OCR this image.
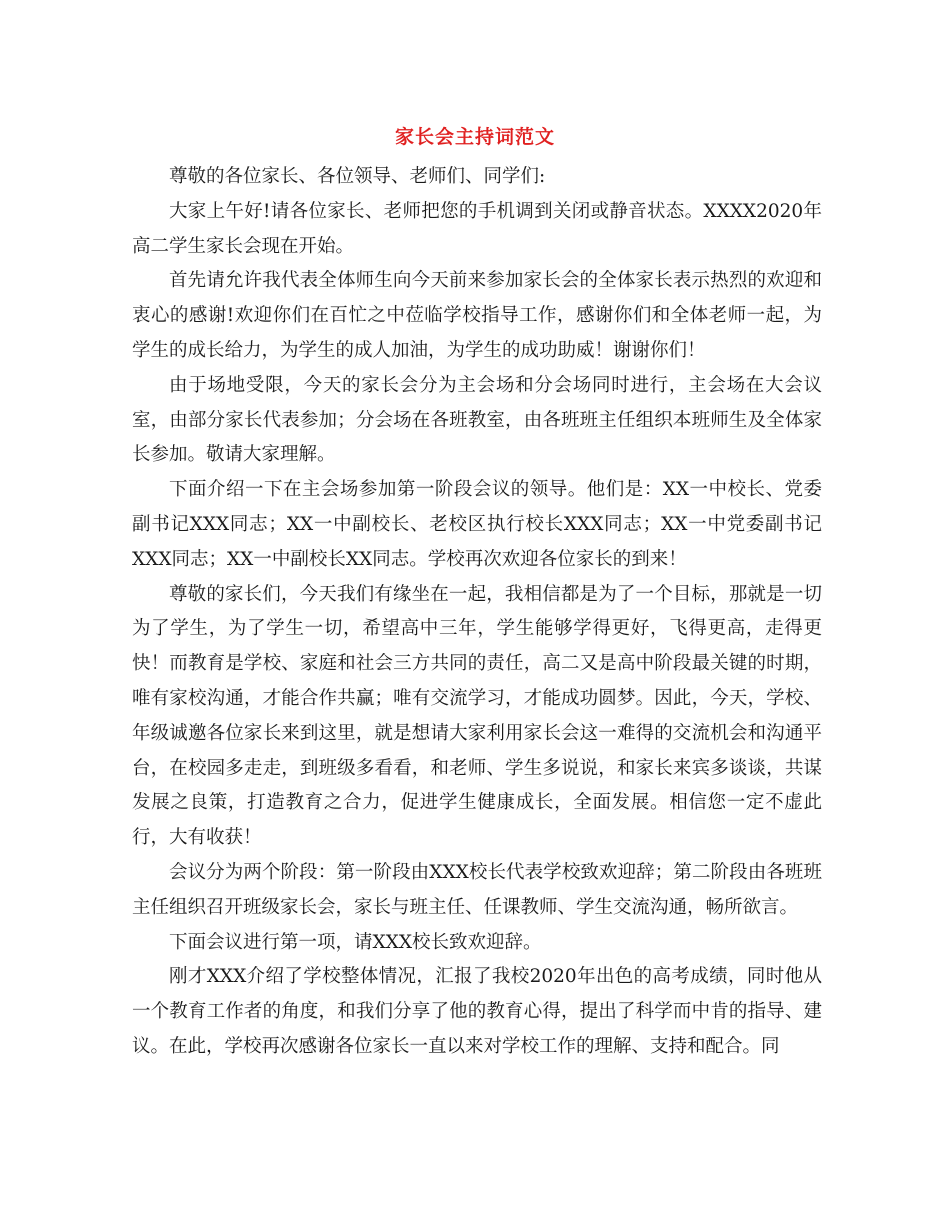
家长会主持词范文

尊敬的各位家长、各位领导、老师们、同学们:

大家上午好!请各位家长、老师把您的手机调到关闭或静音状态。XXXX2020年高二学生家长会现在开始。

首先请允许我代表全体师生向今天前来参加家长会的全体家长表示热烈的欢迎和衷心的感谢!欢迎你们在百忙之中莅临学校指导工作，感谢你们和全体老师一起，为学生的成长给力，为学生的成人加油，为学生的成功助威！谢谢你们！

由于场地受限，今天的家长会分为主会场和分会场同时进行，主会场在大会议室，由部分家长代表参加；分会场在各班教室，由各班班主任组织本班师生及全体家长参加。敬请大家理解。

下面介绍一下在主会场参加第一阶段会议的领导。他们是：XX一中校长、党委副书记XXX同志；XX一中副校长、老校区执行校长XXX同志；XX一中党委副书记XXX同志；XX一中副校长XX同志。学校再次欢迎各位家长的到来！

尊敬的家长们，今天我们有缘坐在一起，我相信都是为了一个目标，那就是一切为了学生，为了学生一切，希望高中三年，学生能够学得更好，飞得更高，走得更快！而教育是学校、家庭和社会三方共同的责任，高二又是高中阶段最关键的时期，唯有家校沟通，才能合作共赢；唯有交流学习，才能成功圆梦。因此，今天，学校、年级诚邀各位家长来到这里，就是想请大家利用家长会这一难得的交流机会和沟通平台，在校园多走走，到班级多看看，和老师、学生多说说，和家长来宾多谈谈，共谋发展之良策，打造教育之合力，促进学生健康成长，全面发展。相信您一定不虚此行，大有收获！

会议分为两个阶段：第一阶段由XXX校长代表学校致欢迎辞；第二阶段由各班班主任组织召开班级家长会，家长与班主任、任课教师、学生交流沟通，畅所欲言。

下面会议进行第一项，请XXX校长致欢迎辞。

刚才XXX介绍了学校整体情况，汇报了我校2020年出色的高考成绩，同时他从一个教育工作者的角度，和我们分享了他的教育心得，提出了科学而中肯的指导、建议。在此，学校再次感谢各位家长一直以来对学校工作的理解、支持和配合。同
